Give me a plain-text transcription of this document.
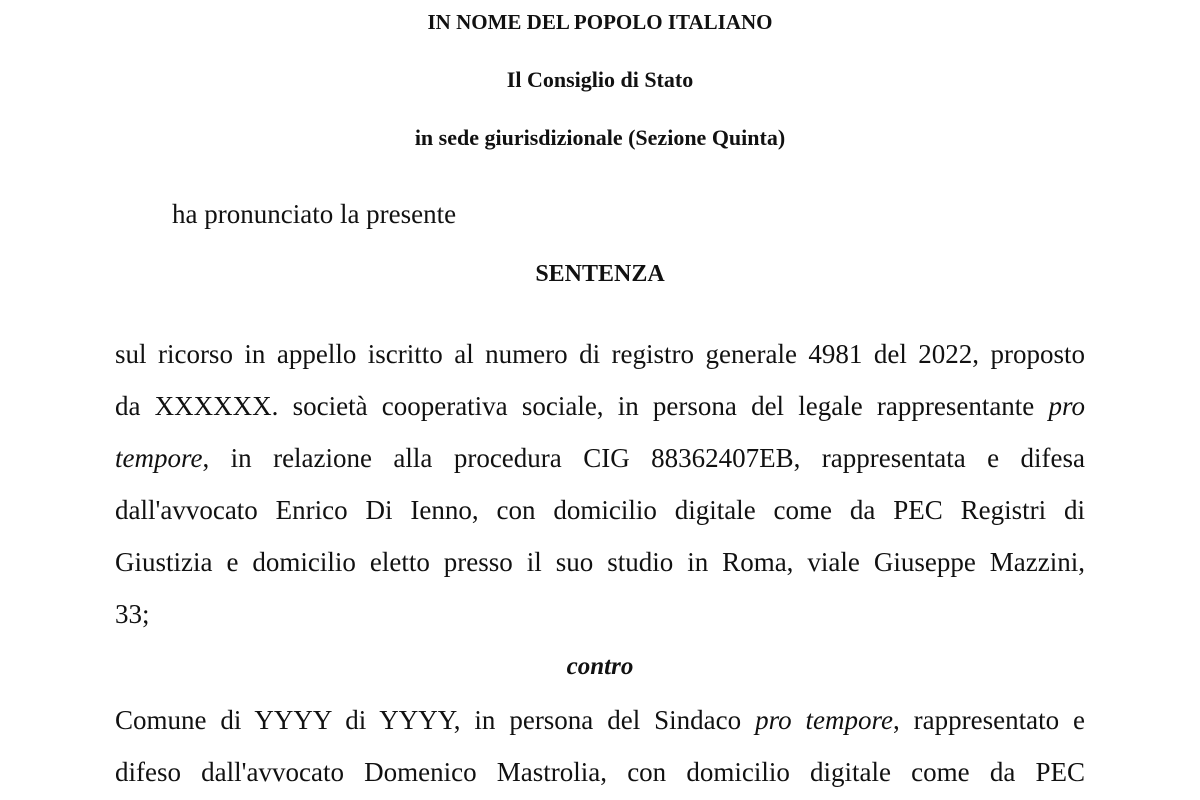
IN NOME DEL POPOLO ITALIANO
Il Consiglio di Stato
in sede giurisdizionale (Sezione Quinta)
ha pronunciato la presente
SENTENZA
sul ricorso in appello iscritto al numero di registro generale 4981 del 2022, proposto
da XXXXXX. società cooperativa sociale, in persona del legale rappresentante pro
tempore, in relazione alla procedura CIG 88362407EB, rappresentata e difesa
dall'avvocato Enrico Di Ienno, con domicilio digitale come da PEC Registri di
Giustizia e domicilio eletto presso il suo studio in Roma, viale Giuseppe Mazzini,
33;
contro
Comune di YYYY di YYYY, in persona del Sindaco pro tempore, rappresentato e
difeso dall'avvocato Domenico Mastrolia, con domicilio digitale come da PEC
